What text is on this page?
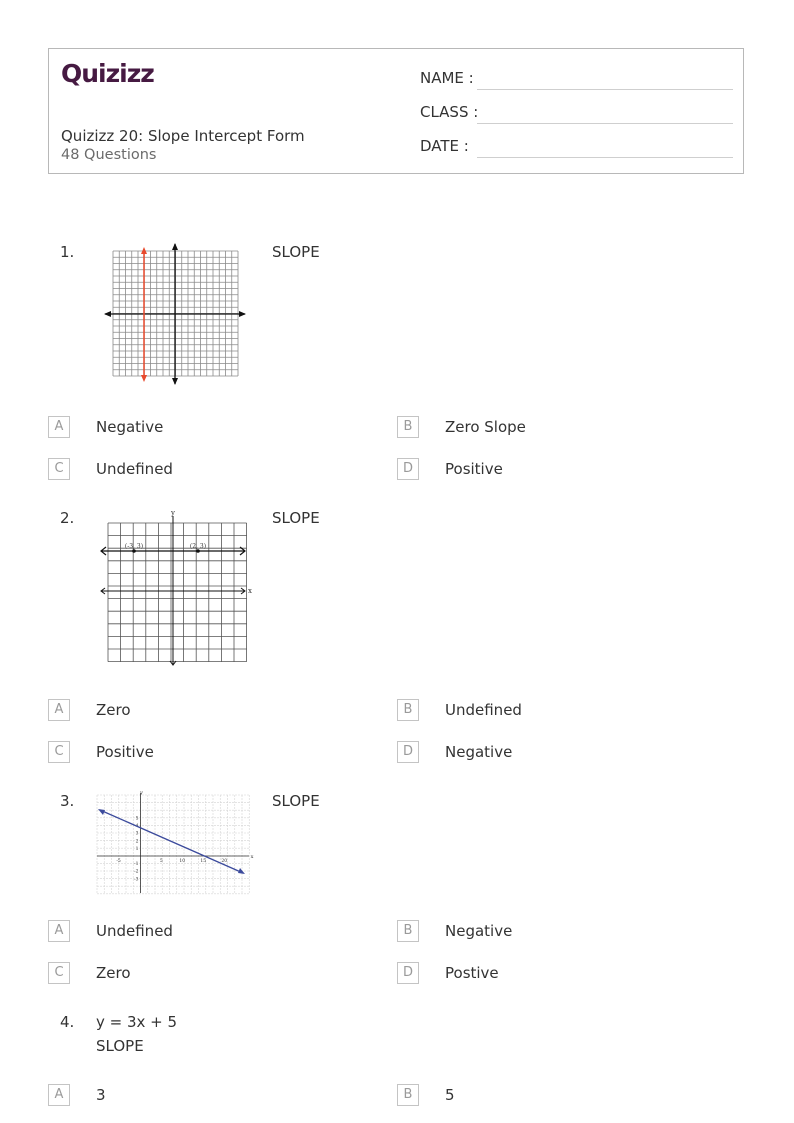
Quizizz
Quizizz 20: Slope Intercept Form
48 Questions
NAME :
CLASS :
DATE :
1.	SLOPE
A	Negative	B	Zero Slope
C	Undefined	D	Positive
2.	y
x
(-3, 3)	(2, 3)
SLOPE
A	Zero	B	Undefined
C	Positive	D	Negative
3.	y
x
-5	5	10	15	20
5
3
2
1
-1
-2
-3
SLOPE
A	Undefined	B	Negative
C	Zero	D	Postive
4. y = 3x + 5
SLOPE
A	3	B	5
